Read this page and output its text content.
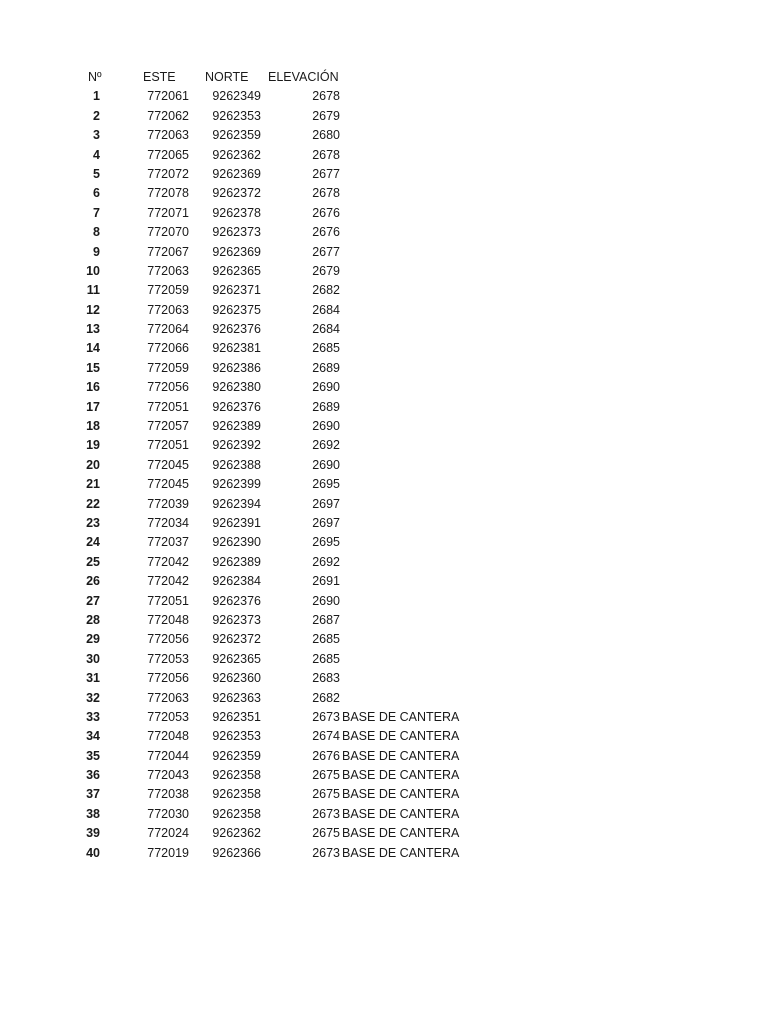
Nº	ESTE NORTE ELEVACIÓN
1	772061	9262349	2678
2	772062	9262353	2679
3	772063	9262359	2680
4	772065	9262362	2678
5	772072	9262369	2677
6	772078	9262372	2678
7	772071	9262378	2676
8	772070	9262373	2676
9	772067	9262369	2677
10	772063	9262365	2679
11	772059	9262371	2682
12	772063	9262375	2684
13	772064	9262376	2684
14	772066	9262381	2685
15	772059	9262386	2689
16	772056	9262380	2690
17	772051	9262376	2689
18	772057	9262389	2690
19	772051	9262392	2692
20	772045	9262388	2690
21	772045	9262399	2695
22	772039	9262394	2697
23	772034	9262391	2697
24	772037	9262390	2695
25	772042	9262389	2692
26	772042	9262384	2691
27	772051	9262376	2690
28	772048	9262373	2687
29	772056	9262372	2685
30	772053	9262365	2685
31	772056	9262360	2683
32	772063	9262363	2682
33	772053	9262351	2673 BASE DE CANTERA
34	772048	9262353	2674 BASE DE CANTERA
35	772044	9262359	2676 BASE DE CANTERA
36	772043	9262358	2675 BASE DE CANTERA
37	772038	9262358	2675 BASE DE CANTERA
38	772030	9262358	2673 BASE DE CANTERA
39	772024	9262362	2675 BASE DE CANTERA
40	772019	9262366	2673 BASE DE CANTERA
